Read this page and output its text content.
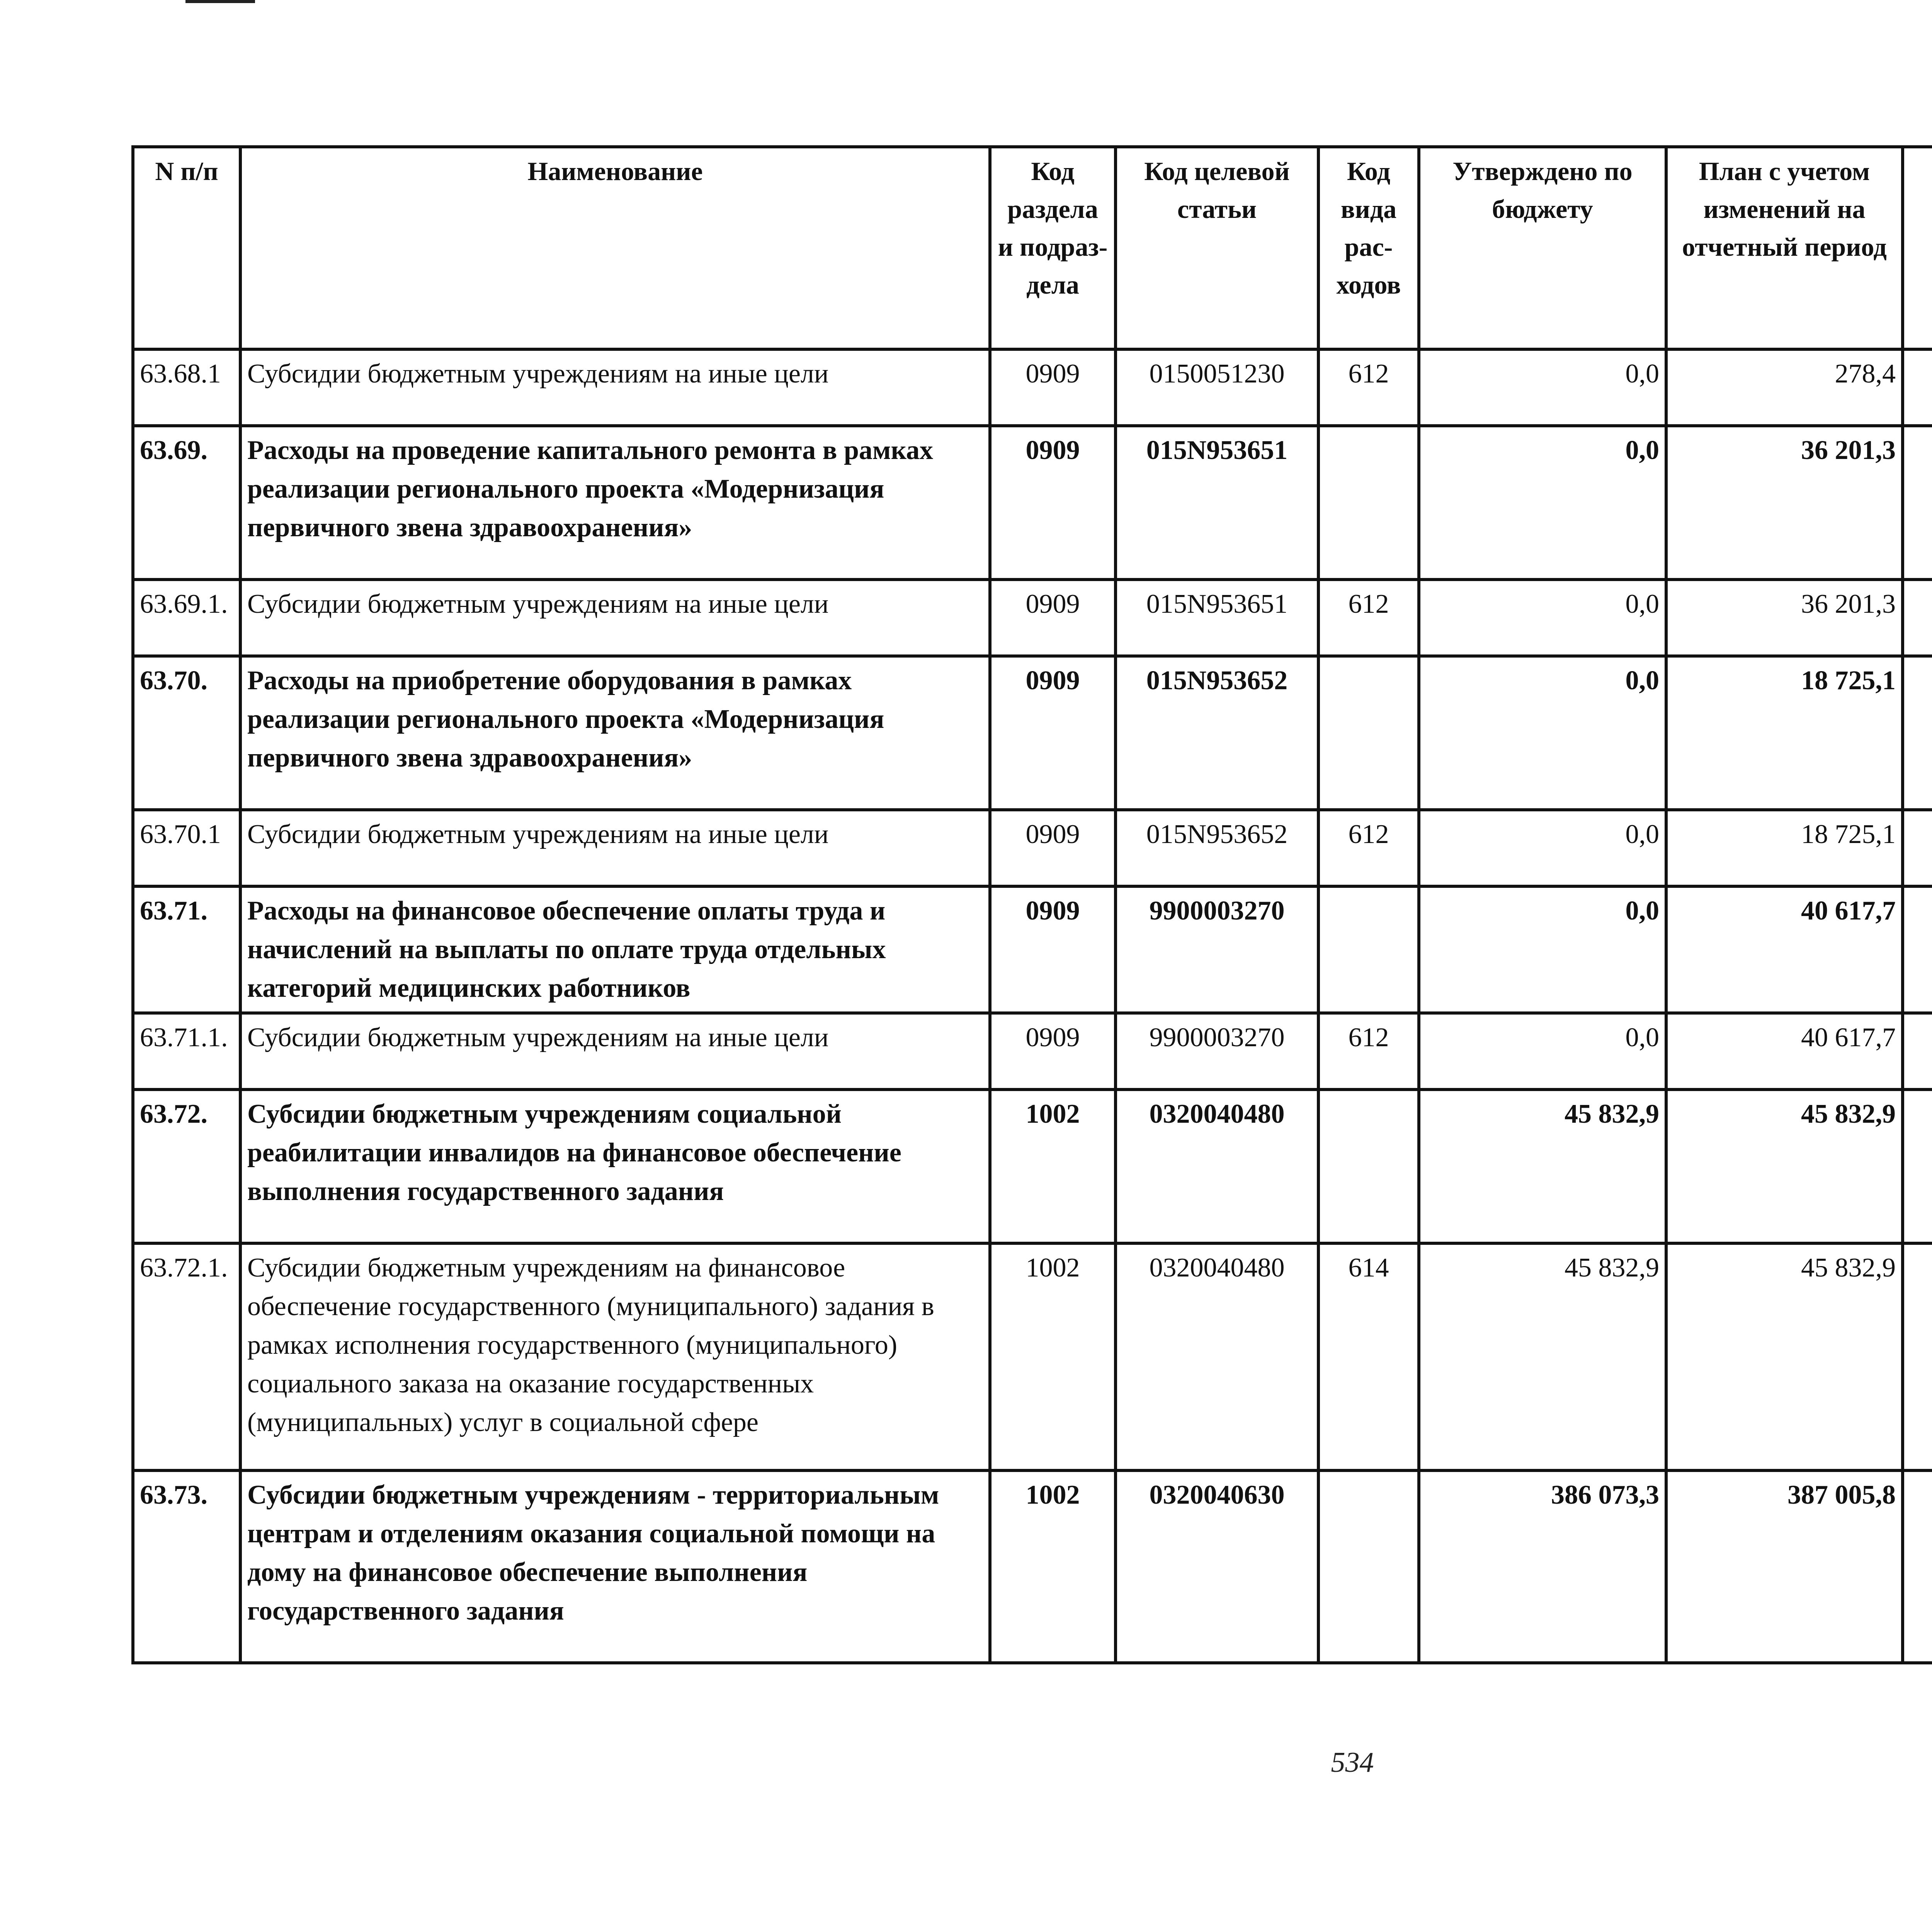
N п/п	Наименование	Код раздела и подраз-дела	Код целевой статьи	Код вида рас-ходов	Утверждено по бюджету	План с учетом изменений на отчетный период		

63.68.1	Субсидии бюджетным учреждениям на иные цели	0909	0150051230	612	0,0	278,4			
63.69.	Расходы на проведение капитального ремонта в рамках реализации регионального проекта «Модернизация первичного звена здравоохранения»	0909	015N953651		0,0	36 201,3			
63.69.1.	Субсидии бюджетным учреждениям на иные цели	0909	015N953651	612	0,0	36 201,3			
63.70.	Расходы на приобретение оборудования в рамках реализации регионального проекта «Модернизация первичного звена здравоохранения»	0909	015N953652		0,0	18 725,1			
63.70.1	Субсидии бюджетным учреждениям на иные цели	0909	015N953652	612	0,0	18 725,1			
63.71.	Расходы на финансовое обеспечение оплаты труда и начислений на выплаты по оплате труда отдельных категорий медицинских работников	0909	9900003270		0,0	40 617,7			
63.71.1.	Субсидии бюджетным учреждениям на иные цели	0909	9900003270	612	0,0	40 617,7			
63.72.	Субсидии бюджетным учреждениям социальной реабилитации инвалидов на финансовое обеспечение выполнения государственного задания	1002	0320040480		45 832,9	45 832,9			
63.72.1.	Субсидии бюджетным учреждениям на финансовое обеспечение государственного (муниципального) задания в рамках исполнения государственного (муниципального) социального заказа на оказание государственных (муниципальных) услуг в социальной сфере	1002	0320040480	614	45 832,9	45 832,9			
63.73.	Субсидии бюджетным учреждениям - территориальным центрам и отделениям оказания социальной помощи на дому на финансовое обеспечение выполнения государственного задания	1002	0320040630		386 073,3	387 005,8			
534
